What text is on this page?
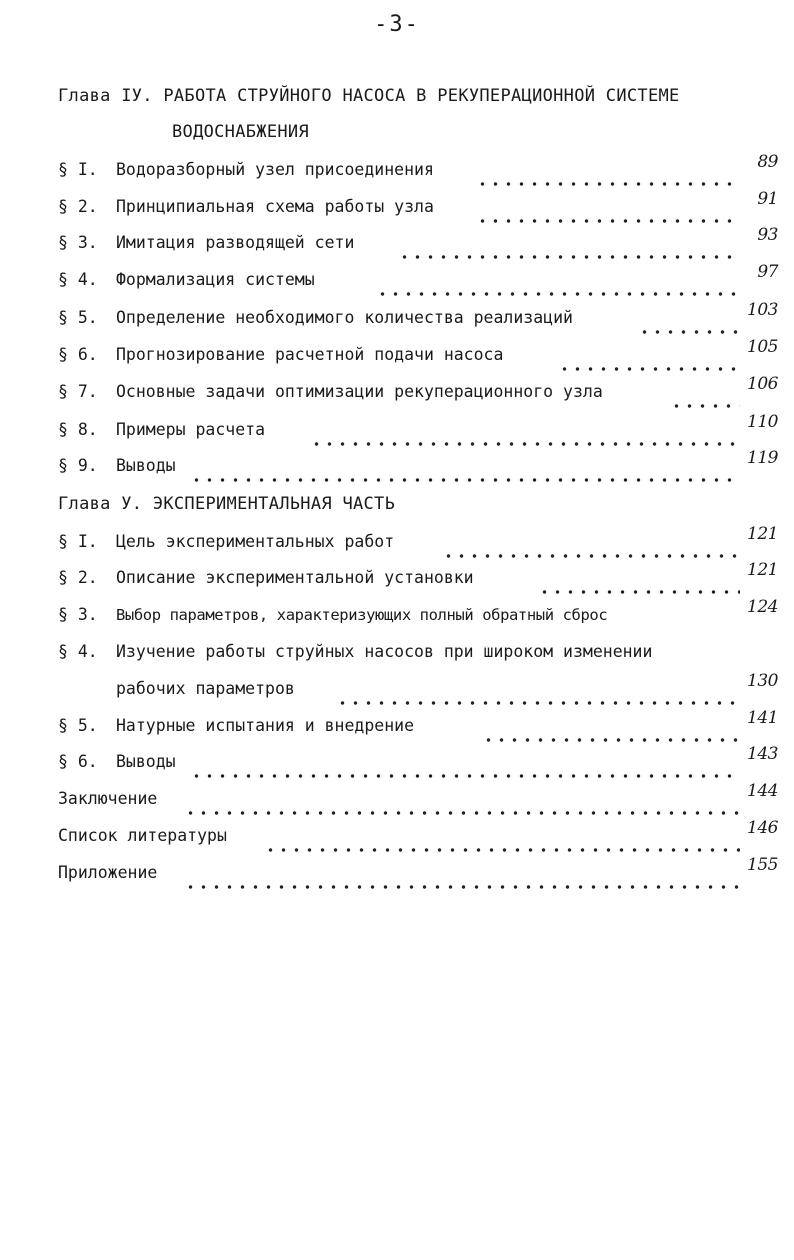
-3-
Глава IУ. РАБОТА СТРУЙНОГО НАСОСА В РЕКУПЕРАЦИОННОЙ СИСТЕМЕ
ВОДОСНАБЖЕНИЯ
§ I. Водоразборный узел присоединения	89
§ 2. Принципиальная схема работы узла	91
§ 3. Имитация разводящей сети	93
§ 4. Формализация системы	97
§ 5. Определение необходимого количества реализаций	103
§ 6. Прогнозирование расчетной подачи насоса	105
§ 7. Основные задачи оптимизации рекуперационного узла	106
§ 8. Примеры расчета	110
§ 9. Выводы	119
Глава У. ЭКСПЕРИМЕНТАЛЬНАЯ ЧАСТЬ
§ I. Цель экспериментальных работ	121
§ 2. Описание экспериментальной установки	121
§ 3. Выбор параметров, характеризующих полный обратный сброс	124
§ 4. Изучение работы струйных насосов при широком изменении
рабочих параметров	130
§ 5. Натурные испытания и внедрение	141
§ 6. Выводы	143
Заключение	144
Список литературы	146
Приложение	155
